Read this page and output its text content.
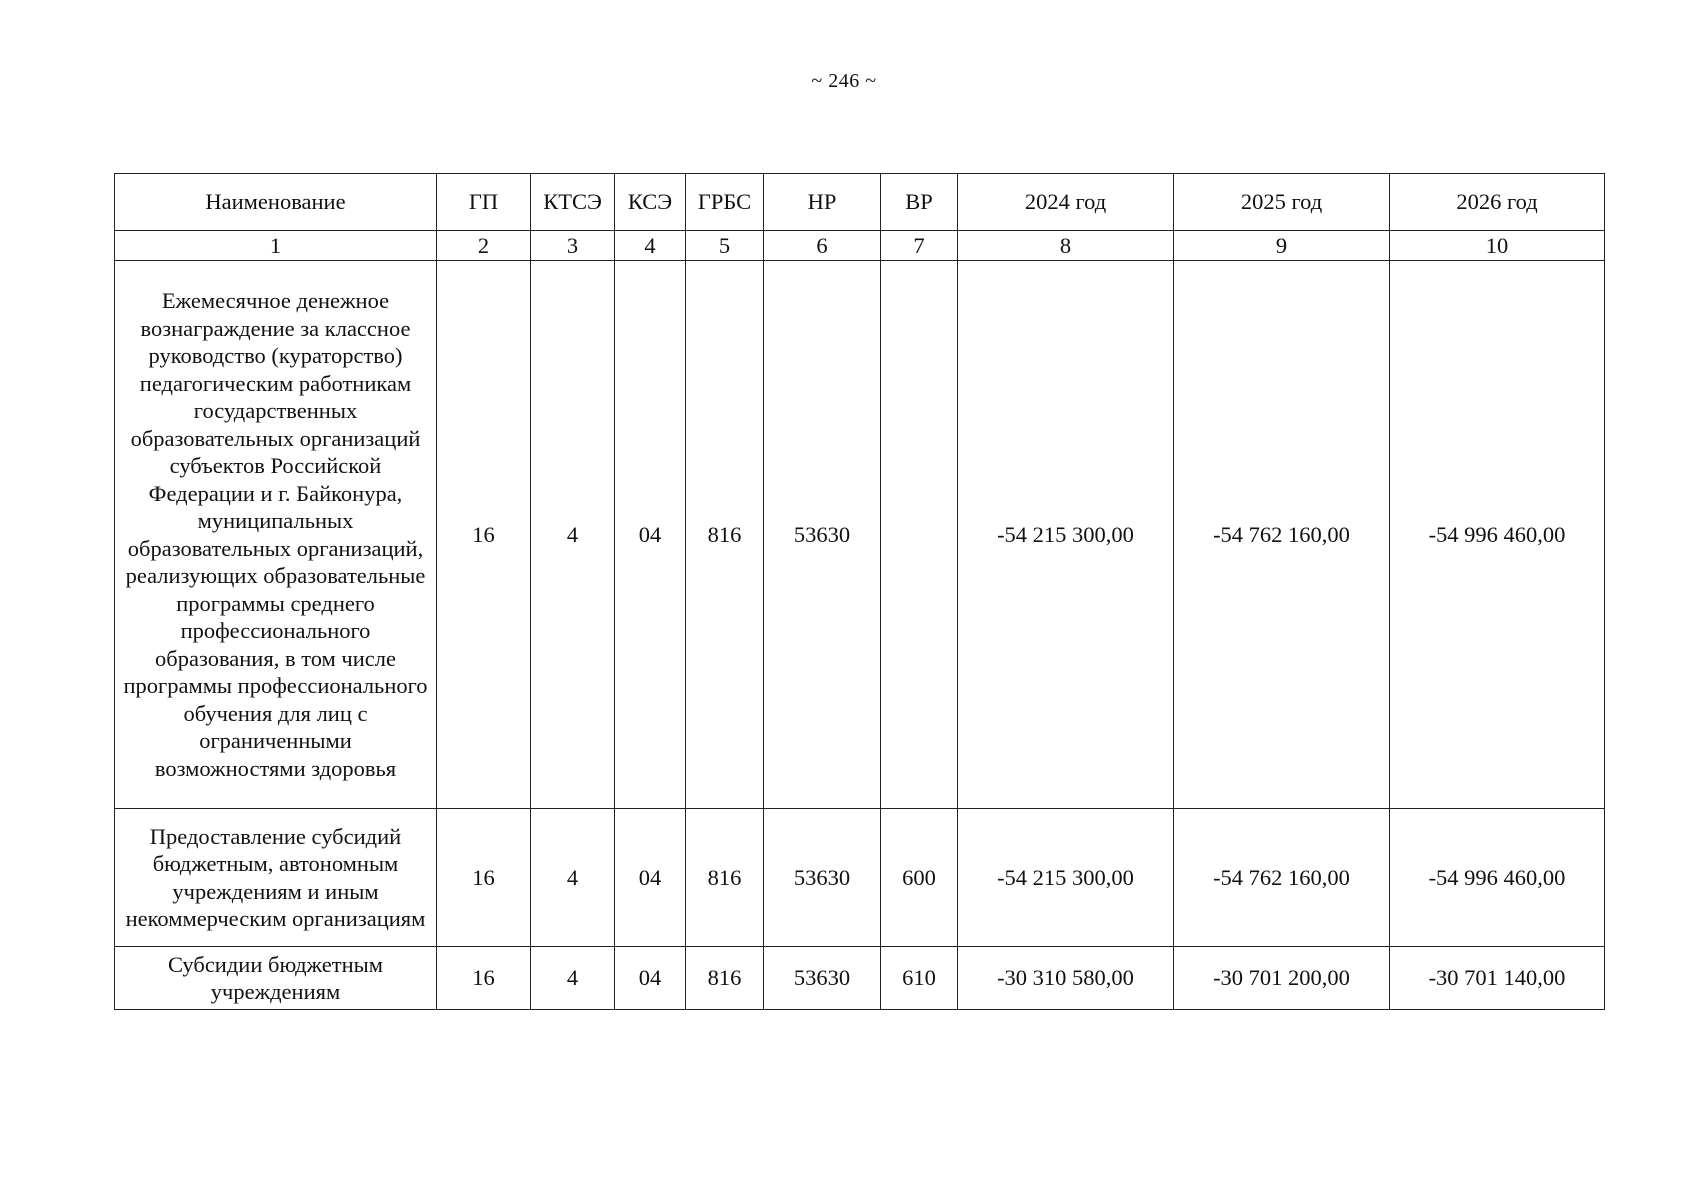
~ 246 ~
Наименование	ГП	КТСЭ	КСЭ	ГРБС	НР	ВР	2024 год	2025 год	2026 год
1	2	3	4	5	6	7	8	9	10
Ежемесячное денежное вознаграждение за классное руководство (кураторство) педагогическим работникам государственных образовательных организаций субъектов Российской Федерации и г. Байконура, муниципальных образовательных организаций, реализующих образовательные программы среднего профессионального образования, в том числе программы профессионального обучения для лиц с ограниченными возможностями здоровья	16	4	04	816	53630		-54 215 300,00	-54 762 160,00	-54 996 460,00
Предоставление субсидий бюджетным, автономным учреждениям и иным некоммерческим организациям	16	4	04	816	53630	600	-54 215 300,00	-54 762 160,00	-54 996 460,00
Субсидии бюджетным учреждениям	16	4	04	816	53630	610	-30 310 580,00	-30 701 200,00	-30 701 140,00
